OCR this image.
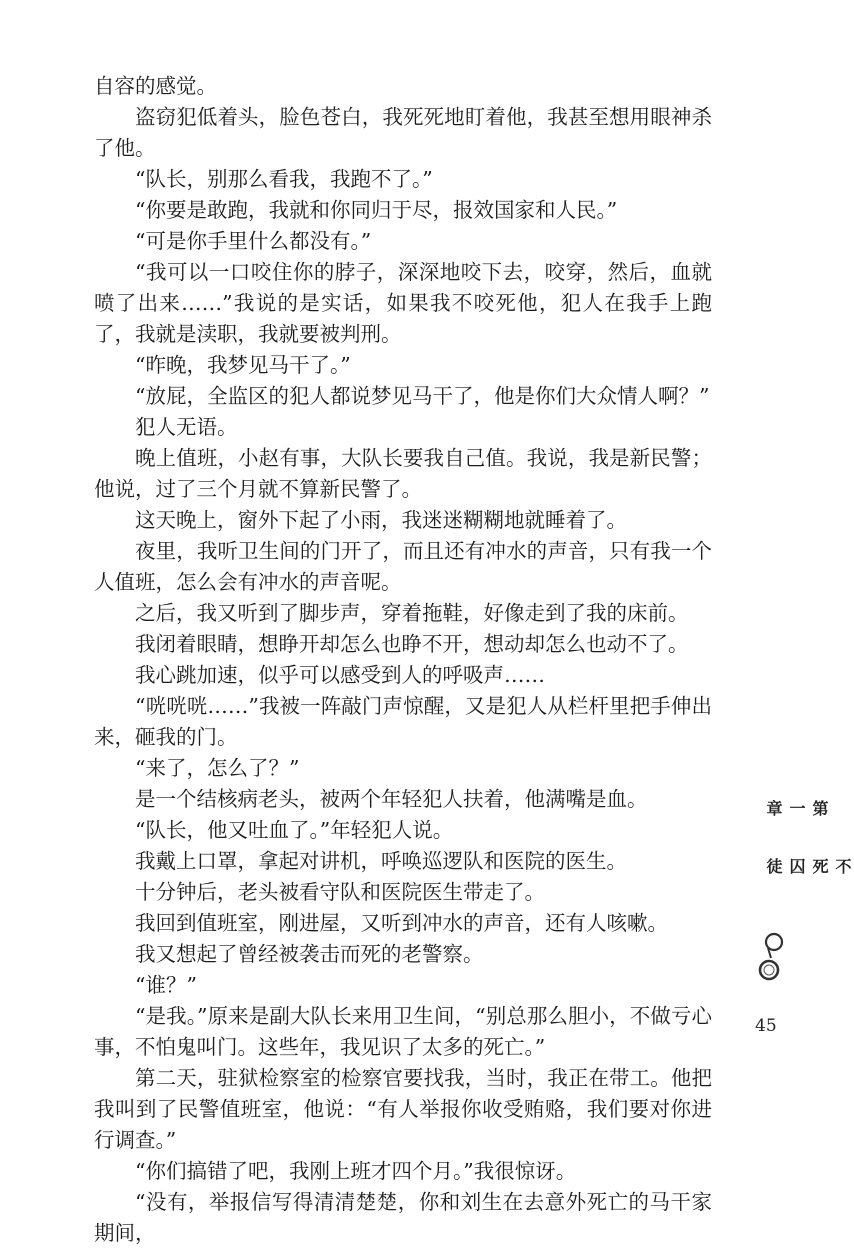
自容的感觉。

盗窃犯低着头，脸色苍白，我死死地盯着他，我甚至想用眼神杀了他。

“队长，别那么看我，我跑不了。”

“你要是敢跑，我就和你同归于尽，报效国家和人民。”

“可是你手里什么都没有。”

“我可以一口咬住你的脖子，深深地咬下去，咬穿，然后，血就喷了出来……”我说的是实话，如果我不咬死他，犯人在我手上跑了，我就是渎职，我就要被判刑。

“昨晚，我梦见马干了。”

“放屁，全监区的犯人都说梦见马干了，他是你们大众情人啊？”

犯人无语。

晚上值班，小赵有事，大队长要我自己值。我说，我是新民警；他说，过了三个月就不算新民警了。

这天晚上，窗外下起了小雨，我迷迷糊糊地就睡着了。

夜里，我听卫生间的门开了，而且还有冲水的声音，只有我一个人值班，怎么会有冲水的声音呢。

之后，我又听到了脚步声，穿着拖鞋，好像走到了我的床前。

我闭着眼睛，想睁开却怎么也睁不开，想动却怎么也动不了。

我心跳加速，似乎可以感受到人的呼吸声……

“咣咣咣……”我被一阵敲门声惊醒，又是犯人从栏杆里把手伸出来，砸我的门。

“来了，怎么了？”

是一个结核病老头，被两个年轻犯人扶着，他满嘴是血。

“队长，他又吐血了。”年轻犯人说。

我戴上口罩，拿起对讲机，呼唤巡逻队和医院的医生。

十分钟后，老头被看守队和医院医生带走了。

我回到值班室，刚进屋，又听到冲水的声音，还有人咳嗽。

我又想起了曾经被袭击而死的老警察。

“谁？”

“是我。”原来是副大队长来用卫生间，“别总那么胆小，不做亏心事，不怕鬼叫门。这些年，我见识了太多的死亡。”

第二天，驻狱检察室的检察官要找我，当时，我正在带工。他把我叫到了民警值班室，他说：“有人举报你收受贿赂，我们要对你进行调查。”

“你们搞错了吧，我刚上班才四个月。”我很惊讶。

“没有，举报信写得清清楚楚，你和刘生在去意外死亡的马干家期间，

第一章
不死囚徒
45
